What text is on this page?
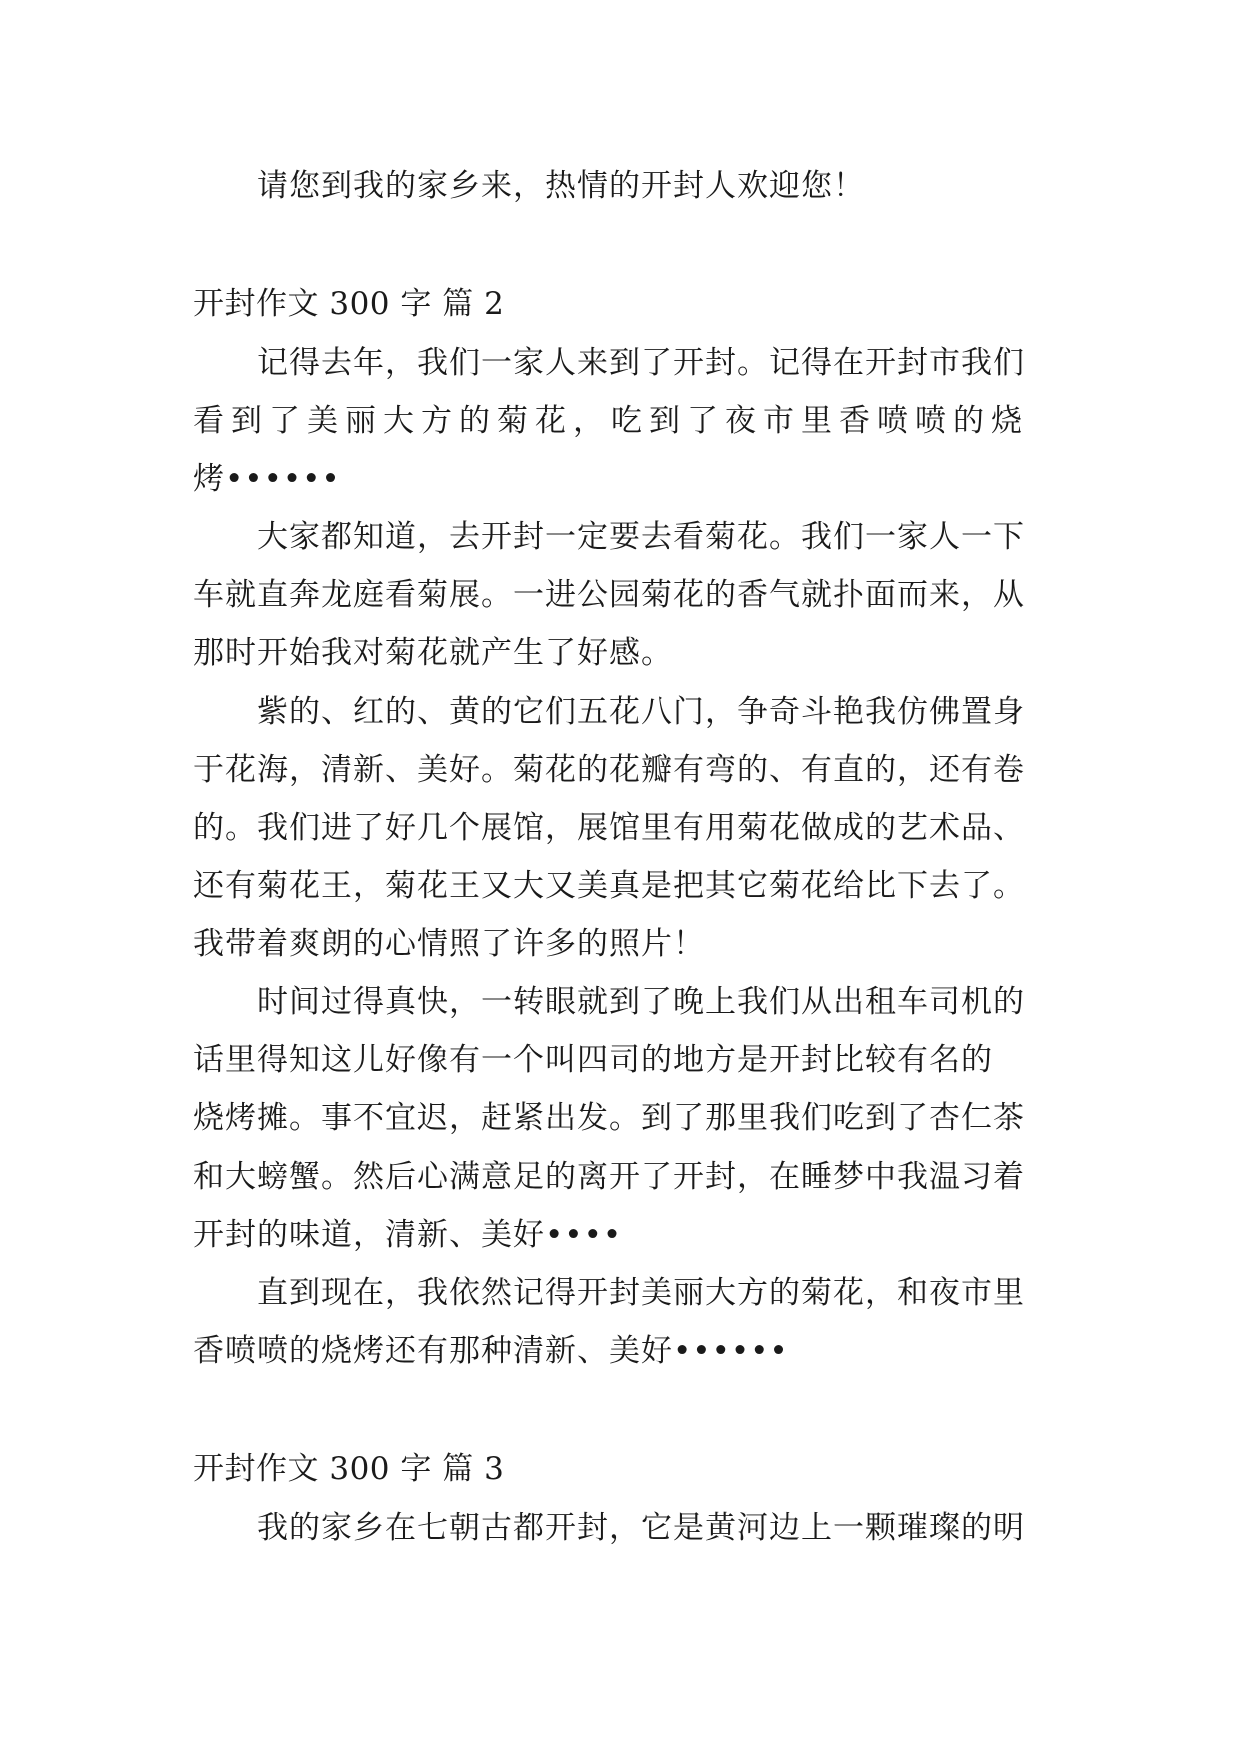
请您到我的家乡来，热情的开封人欢迎您！
开封作文 300 字 篇 2
记得去年，我们一家人来到了开封。记得在开封市我们
看到了美丽大方的菊花，吃到了夜市里香喷喷的烧
烤••••••
大家都知道，去开封一定要去看菊花。我们一家人一下
车就直奔龙庭看菊展。一进公园菊花的香气就扑面而来，从
那时开始我对菊花就产生了好感。
紫的、红的、黄的它们五花八门，争奇斗艳我仿佛置身
于花海，清新、美好。菊花的花瓣有弯的、有直的，还有卷
的。我们进了好几个展馆，展馆里有用菊花做成的艺术品、
还有菊花王，菊花王又大又美真是把其它菊花给比下去了。
我带着爽朗的心情照了许多的照片！
时间过得真快，一转眼就到了晚上我们从出租车司机的
话里得知这儿好像有一个叫四司的地方是开封比较有名的
烧烤摊。事不宜迟，赶紧出发。到了那里我们吃到了杏仁茶
和大螃蟹。然后心满意足的离开了开封，在睡梦中我温习着
开封的味道，清新、美好••••
直到现在，我依然记得开封美丽大方的菊花，和夜市里
香喷喷的烧烤还有那种清新、美好••••••
开封作文 300 字 篇 3
我的家乡在七朝古都开封，它是黄河边上一颗璀璨的明
